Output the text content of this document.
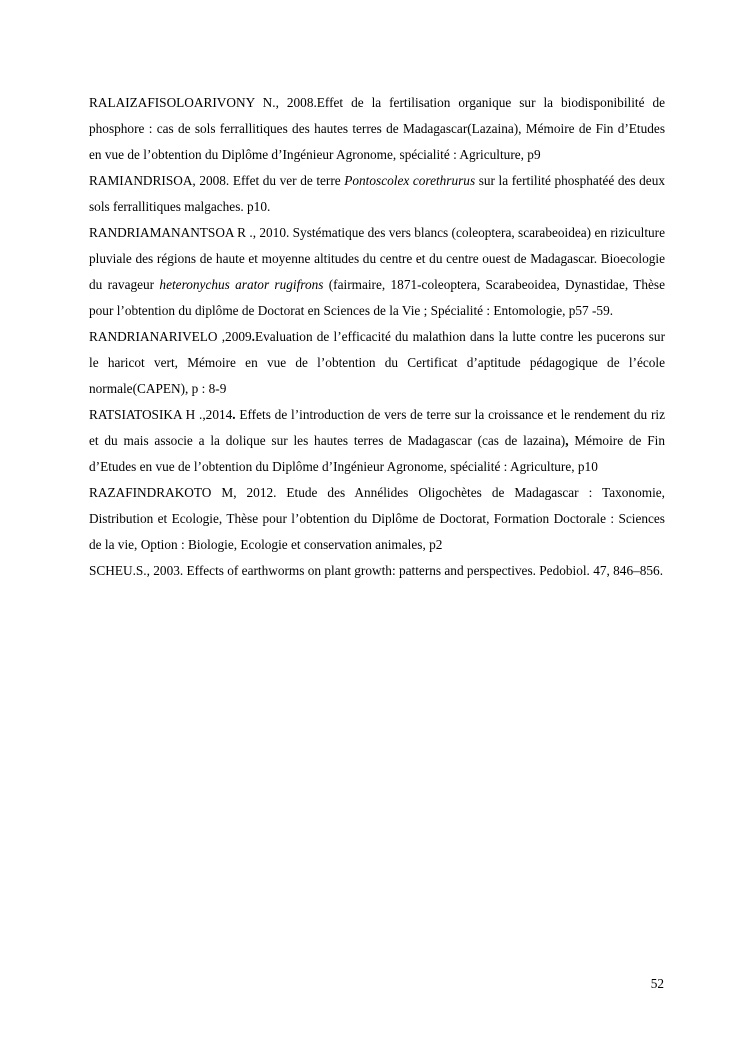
RALAIZAFISOLOARIVONY N., 2008.Effet de la fertilisation organique sur la biodisponibilité de phosphore : cas de sols ferrallitiques des hautes terres de Madagascar(Lazaina), Mémoire de Fin d’Etudes en vue de l’obtention du Diplôme d’Ingénieur Agronome, spécialité : Agriculture, p9

RAMIANDRISOA, 2008. Effet du ver de terre Pontoscolex corethrurus sur la fertilité phosphatéé des deux sols ferrallitiques malgaches. p10.

RANDRIAMANANTSOA R ., 2010. Systématique des vers blancs (coleoptera, scarabeoidea) en riziculture pluviale des régions de haute et moyenne altitudes du centre et du centre ouest de Madagascar. Bioecologie du ravageur heteronychus arator rugifrons (fairmaire, 1871-coleoptera, Scarabeoidea, Dynastidae, Thèse pour l’obtention du diplôme de Doctorat en Sciences de la Vie ; Spécialité : Entomologie, p57 -59.

RANDRIANARIVELO ,2009.Evaluation de l’efficacité du malathion dans la lutte contre les pucerons sur le haricot vert, Mémoire en vue de l’obtention du Certificat d’aptitude pédagogique de l’école normale(CAPEN), p : 8-9

RATSIATOSIKA H .,2014. Effets de l’introduction de vers de terre sur la croissance et le rendement du riz et du mais associe a la dolique sur les hautes terres de Madagascar (cas de lazaina), Mémoire de Fin d’Etudes en vue de l’obtention du Diplôme d’Ingénieur Agronome, spécialité : Agriculture, p10

RAZAFINDRAKOTO M, 2012. Etude des Annélides Oligochètes de Madagascar : Taxonomie, Distribution et Ecologie, Thèse pour l’obtention du Diplôme de Doctorat, Formation Doctorale : Sciences de la vie, Option : Biologie, Ecologie et conservation animales, p2

SCHEU.S., 2003. Effects of earthworms on plant growth: patterns and perspectives. Pedobiol. 47, 846–856.

52
